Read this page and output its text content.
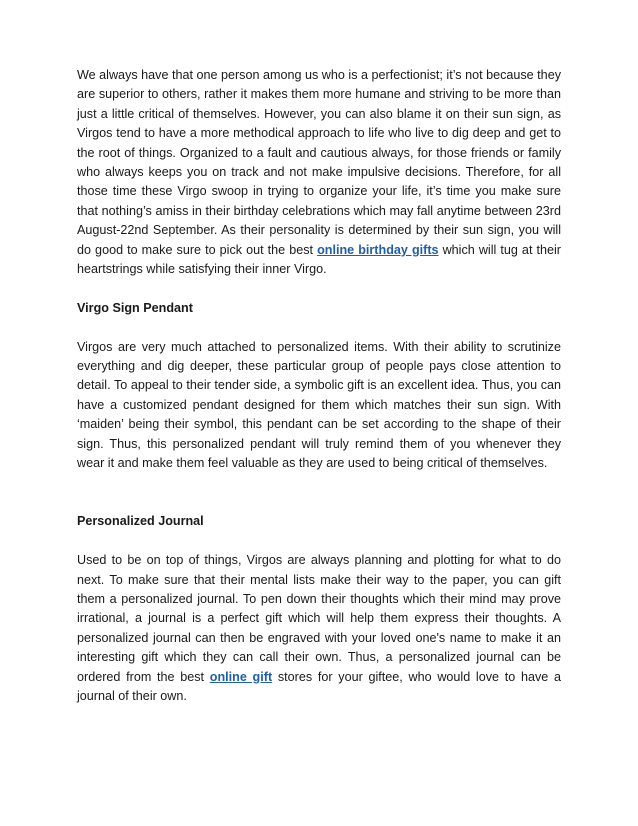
We always have that one person among us who is a perfectionist; it’s not because they are superior to others, rather it makes them more humane and striving to be more than just a little critical of themselves. However, you can also blame it on their sun sign, as Virgos tend to have a more methodical approach to life who live to dig deep and get to the root of things. Organized to a fault and cautious always, for those friends or family who always keeps you on track and not make impulsive decisions. Therefore, for all those time these Virgo swoop in trying to organize your life, it’s time you make sure that nothing’s amiss in their birthday celebrations which may fall anytime between 23rd August-22nd September. As their personality is determined by their sun sign, you will do good to make sure to pick out the best online birthday gifts which will tug at their heartstrings while satisfying their inner Virgo.

Virgo Sign Pendant

Virgos are very much attached to personalized items. With their ability to scrutinize everything and dig deeper, these particular group of people pays close attention to detail. To appeal to their tender side, a symbolic gift is an excellent idea. Thus, you can have a customized pendant designed for them which matches their sun sign. With ‘maiden’ being their symbol, this pendant can be set according to the shape of their sign. Thus, this personalized pendant will truly remind them of you whenever they wear it and make them feel valuable as they are used to being critical of themselves.

Personalized Journal

Used to be on top of things, Virgos are always planning and plotting for what to do next. To make sure that their mental lists make their way to the paper, you can gift them a personalized journal. To pen down their thoughts which their mind may prove irrational, a journal is a perfect gift which will help them express their thoughts. A personalized journal can then be engraved with your loved one's name to make it an interesting gift which they can call their own. Thus, a personalized journal can be ordered from the best online gift stores for your giftee, who would love to have a journal of their own.
